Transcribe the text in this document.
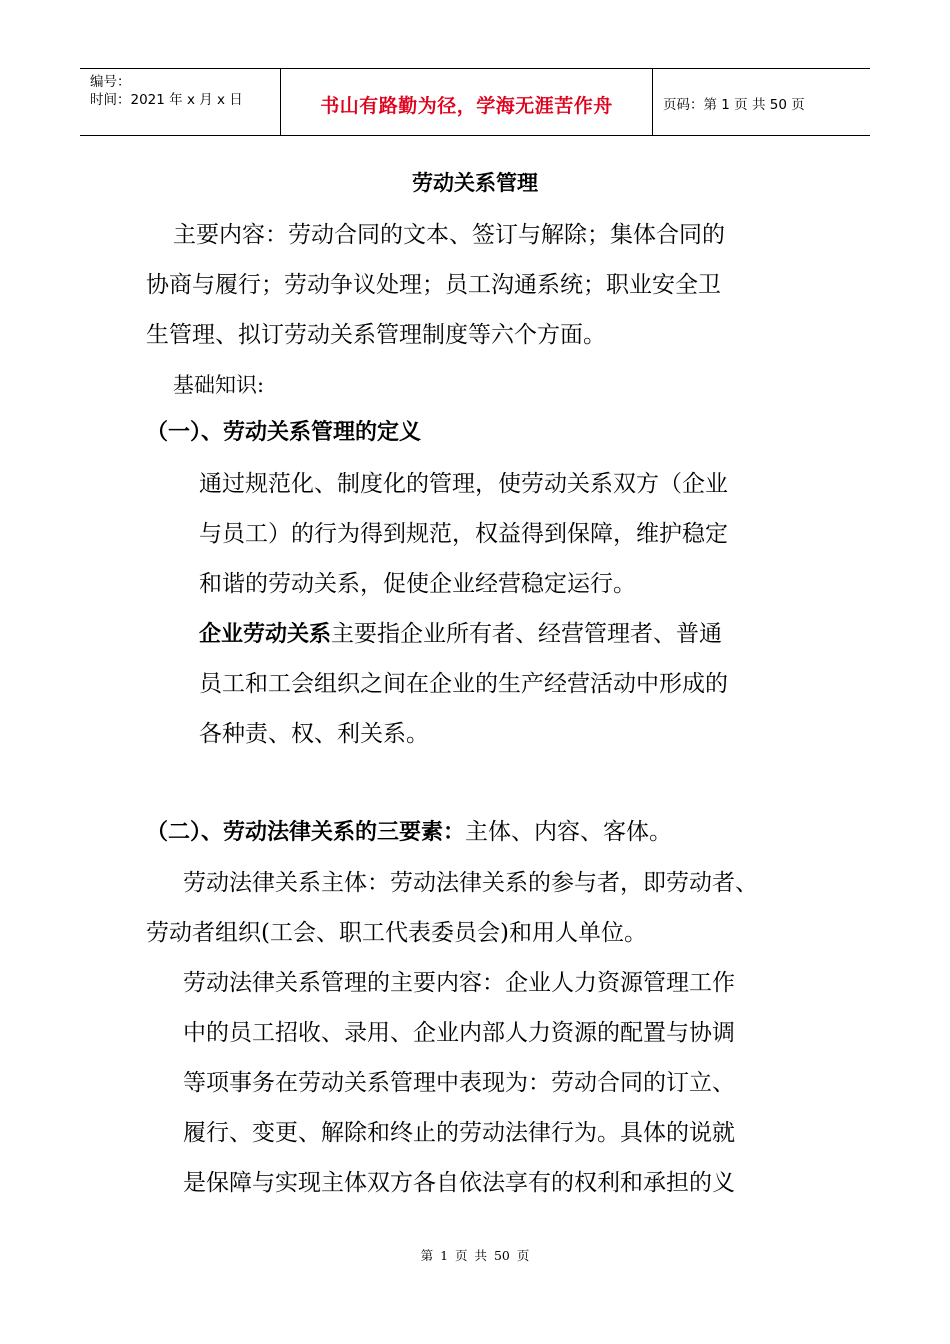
编号：
时间：2021 年 x 月 x 日	书山有路勤为径，学海无涯苦作舟	页码：第 1 页 共 50 页
劳动关系管理
主要内容：劳动合同的文本、签订与解除；集体合同的
协商与履行；劳动争议处理；员工沟通系统；职业安全卫
生管理、拟订劳动关系管理制度等六个方面。
基础知识:
（一）、劳动关系管理的定义
通过规范化、制度化的管理，使劳动关系双方（企业
与员工）的行为得到规范，权益得到保障，维护稳定
和谐的劳动关系，促使企业经营稳定运行。
企业劳动关系主要指企业所有者、经营管理者、普通
员工和工会组织之间在企业的生产经营活动中形成的
各种责、权、利关系。
（二）、劳动法律关系的三要素：主体、内容、客体。
劳动法律关系主体：劳动法律关系的参与者，即劳动者、
劳动者组织(工会、职工代表委员会)和用人单位。
劳动法律关系管理的主要内容：企业人力资源管理工作
中的员工招收、录用、企业内部人力资源的配置与协调
等项事务在劳动关系管理中表现为：劳动合同的订立、
履行、变更、解除和终止的劳动法律行为。具体的说就
是保障与实现主体双方各自依法享有的权利和承担的义
第 1 页 共 50 页
